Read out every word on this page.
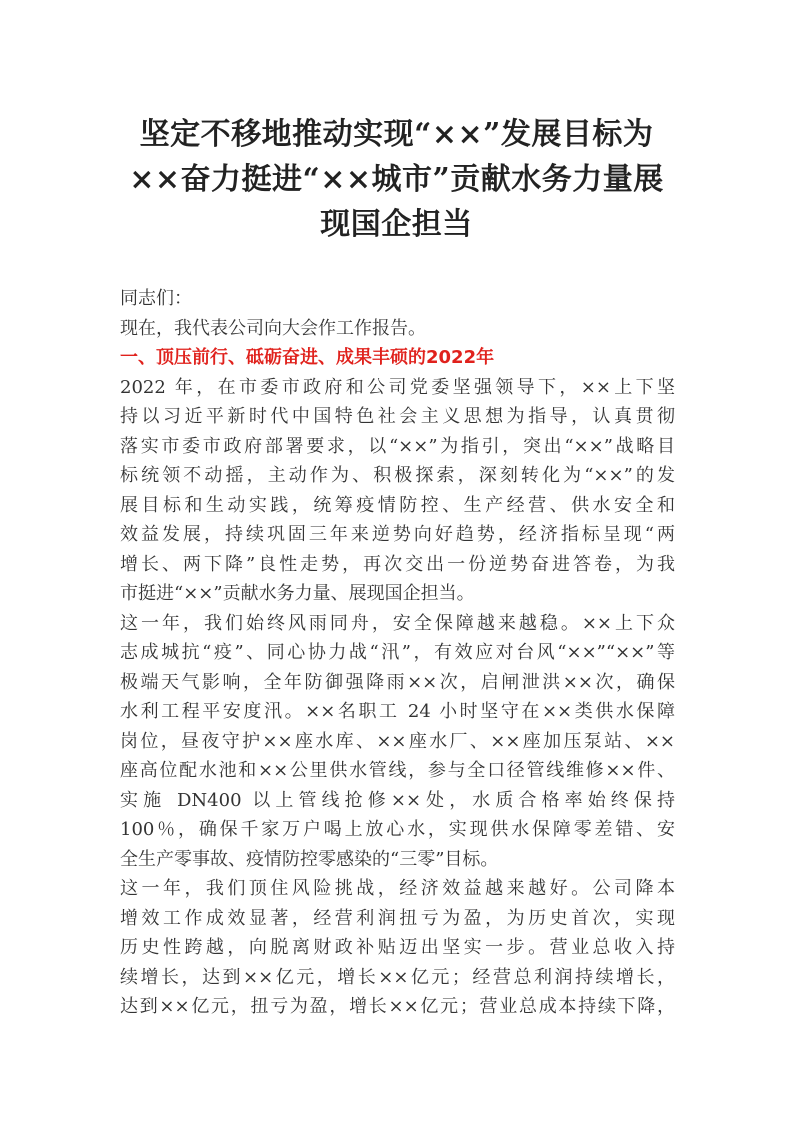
坚定不移地推动实现“××”发展目标为
××奋力挺进“××城市”贡献水务力量展
现国企担当
同志们：
现在，我代表公司向大会作工作报告。
一、顶压前行、砥砺奋进、成果丰硕的2022年
2022 年，在市委市政府和公司党委坚强领导下，××上下坚
持以习近平新时代中国特色社会主义思想为指导，认真贯彻
落实市委市政府部署要求，以“××”为指引，突出“××”战略目
标统领不动摇，主动作为、积极探索，深刻转化为“××”的发
展目标和生动实践，统筹疫情防控、生产经营、供水安全和
效益发展，持续巩固三年来逆势向好趋势，经济指标呈现“两
增长、两下降”良性走势，再次交出一份逆势奋进答卷，为我
市挺进“××”贡献水务力量、展现国企担当。
这一年，我们始终风雨同舟，安全保障越来越稳。××上下众
志成城抗“疫”、同心协力战“汛”，有效应对台风“××”“××”等
极端天气影响，全年防御强降雨××次，启闸泄洪××次，确保
水利工程平安度汛。××名职工 24 小时坚守在××类供水保障
岗位，昼夜守护××座水库、××座水厂、××座加压泵站、××
座高位配水池和××公里供水管线，参与全口径管线维修××件、
实施 DN400 以上管线抢修××处，水质合格率始终保持
100％，确保千家万户喝上放心水，实现供水保障零差错、安
全生产零事故、疫情防控零感染的“三零”目标。
这一年，我们顶住风险挑战，经济效益越来越好。公司降本
增效工作成效显著，经营利润扭亏为盈，为历史首次，实现
历史性跨越，向脱离财政补贴迈出坚实一步。营业总收入持
续增长，达到××亿元，增长××亿元；经营总利润持续增长，
达到××亿元，扭亏为盈，增长××亿元；营业总成本持续下降，
